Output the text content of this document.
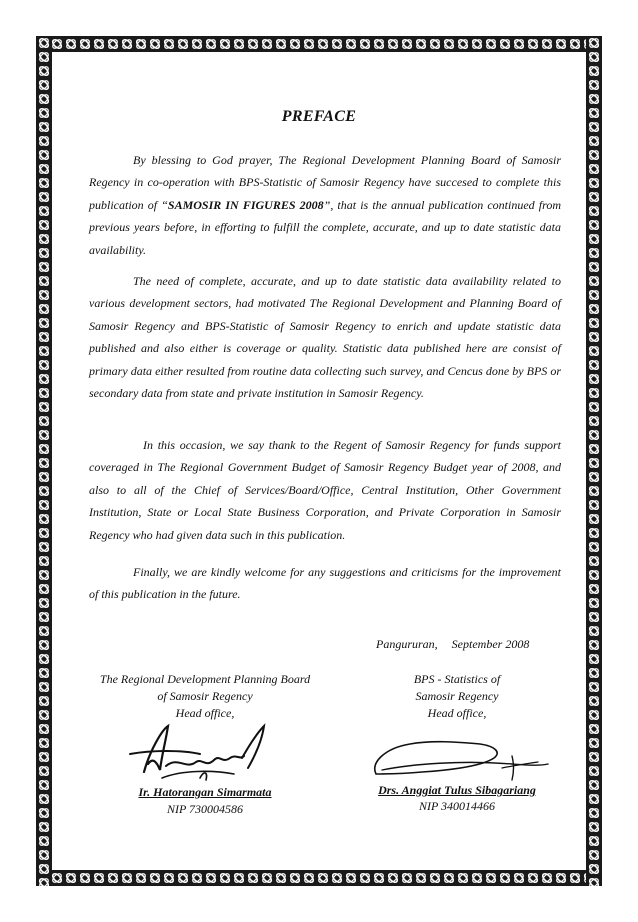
PREFACE

By blessing to God prayer, The Regional Development Planning Board of Samosir Regency in co-operation with BPS-Statistic of Samosir Regency have succesed to complete this publication of “SAMOSIR IN FIGURES 2008”, that is the annual publication continued from previous years before, in efforting to fulfill the complete, accurate, and up to date statistic data availability.

The need of complete, accurate, and up to date statistic data availability related to various development sectors, had motivated The Regional Development and Planning Board of Samosir Regency and BPS-Statistic of Samosir Regency to enrich and update statistic data published and also either is coverage or quality. Statistic data published here are consist of primary data either resulted from routine data collecting such survey, and Cencus done by BPS or secondary data from state and private institution in Samosir Regency.

In this occasion, we say thank to the Regent of Samosir Regency for funds support coveraged in The Regional Government Budget of Samosir Regency Budget year of 2008, and also to all of the Chief of Services/Board/Office, Central Institution, Other Government Institution, State or Local State Business Corporation, and Private Corporation in Samosir Regency who had given data such in this publication.

Finally, we are kindly welcome for any suggestions and criticisms for the improvement of this publication in the future.

Pangururan, September 2008
The Regional Development Planning Board
of Samosir Regency
Head office,
Ir. Hatorangan Simarmata
NIP 730004586
BPS - Statistics of
Samosir Regency
Head office,
Drs. Anggiat Tulus Sibagariang
NIP 340014466
